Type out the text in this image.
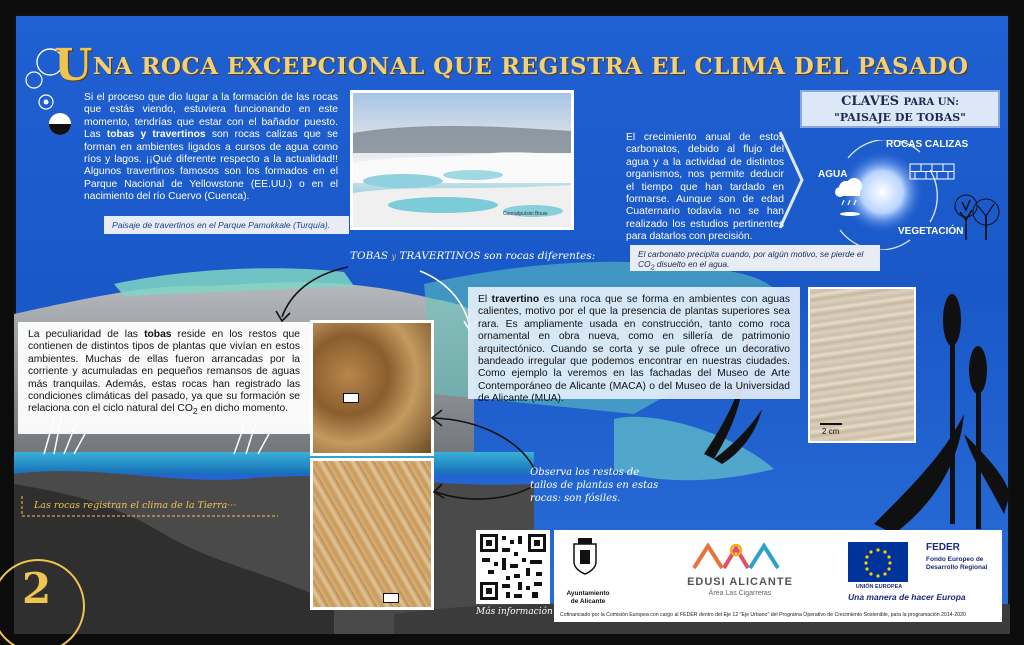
UNA ROCA EXCEPCIONAL QUE REGISTRA EL CLIMA DEL PASADO
Si el proceso que dio lugar a la formación de las rocas que estás viendo, estuviera funcionando en este momento, tendrías que estar con el bañador puesto. Las tobas y travertinos son rocas calizas que se forman en ambientes ligados a cursos de agua como ríos y lagos. ¡¡Qué diferente respecto a la actualidad!! Algunos travertinos famosos son los formados en el Parque Nacional de Yellowstone (EE.UU.) o en el nacimiento del río Cuervo (Cuenca).
Conradpulsini Bouw
Paisaje de travertinos en el Parque Pamukkale (Turquía).
CLAVES PARA UN:
"PAISAJE DE TOBAS"
El crecimiento anual de estos carbonatos, debido al flujo del agua y a la actividad de distintos organismos, nos permite deducir el tiempo que han tardado en formarse. Aunque son de edad Cuaternario todavía no se han realizado los estudios pertinentes para datarlos con precisión.
AGUA
ROCAS CALIZAS
VEGETACIÓN
El carbonato precipita cuando, por algún motivo, se pierde el $CO_2$ disuelto en el agua.
TOBAS y TRAVERTINOS son rocas diferentes:
El travertino es una roca que se forma en ambientes con aguas calientes, motivo por el que la presencia de plantas superiores sea rara. Es ampliamente usada en construcción, tanto como roca ornamental en obra nueva, como en sillería de patrimonio arquitectónico. Cuando se corta y se pule ofrece un decorativo bandeado irregular que podemos encontrar en nuestras ciudades. Como ejemplo la veremos en las fachadas del Museo de Arte Contemporáneo de Alicante (MACA) o del Museo de la Universidad de Alicante (MUA).
2 cm
La peculiaridad de las tobas reside en los restos que contienen de distintos tipos de plantas que vivían en estos ambientes. Muchas de ellas fueron arrancadas por la corriente y acumuladas en pequeños remansos de aguas más tranquilas. Además, estas rocas han registrado las condiciones climáticas del pasado, ya que su formación se relaciona con el ciclo natural del $CO_2$ en dicho momento.
Observa los restos de tallos de plantas en estas rocas: son fósiles.
Las rocas registran el clima de la Tierra···
2	Más información
Ayuntamiento
de Alicante
EDUSI ALICANTE
Área Las Cigarreras
UNIÓN EUROPEA
FEDER
Fondo Europeo de
Desarrollo Regional
Una manera de hacer Europa
Cofinanciado por la Comisión Europea con cargo al FEDER dentro del Eje 12 "Eje Urbano" del Programa Operativo de Crecimiento Sostenible, para la programación 2014-2020
